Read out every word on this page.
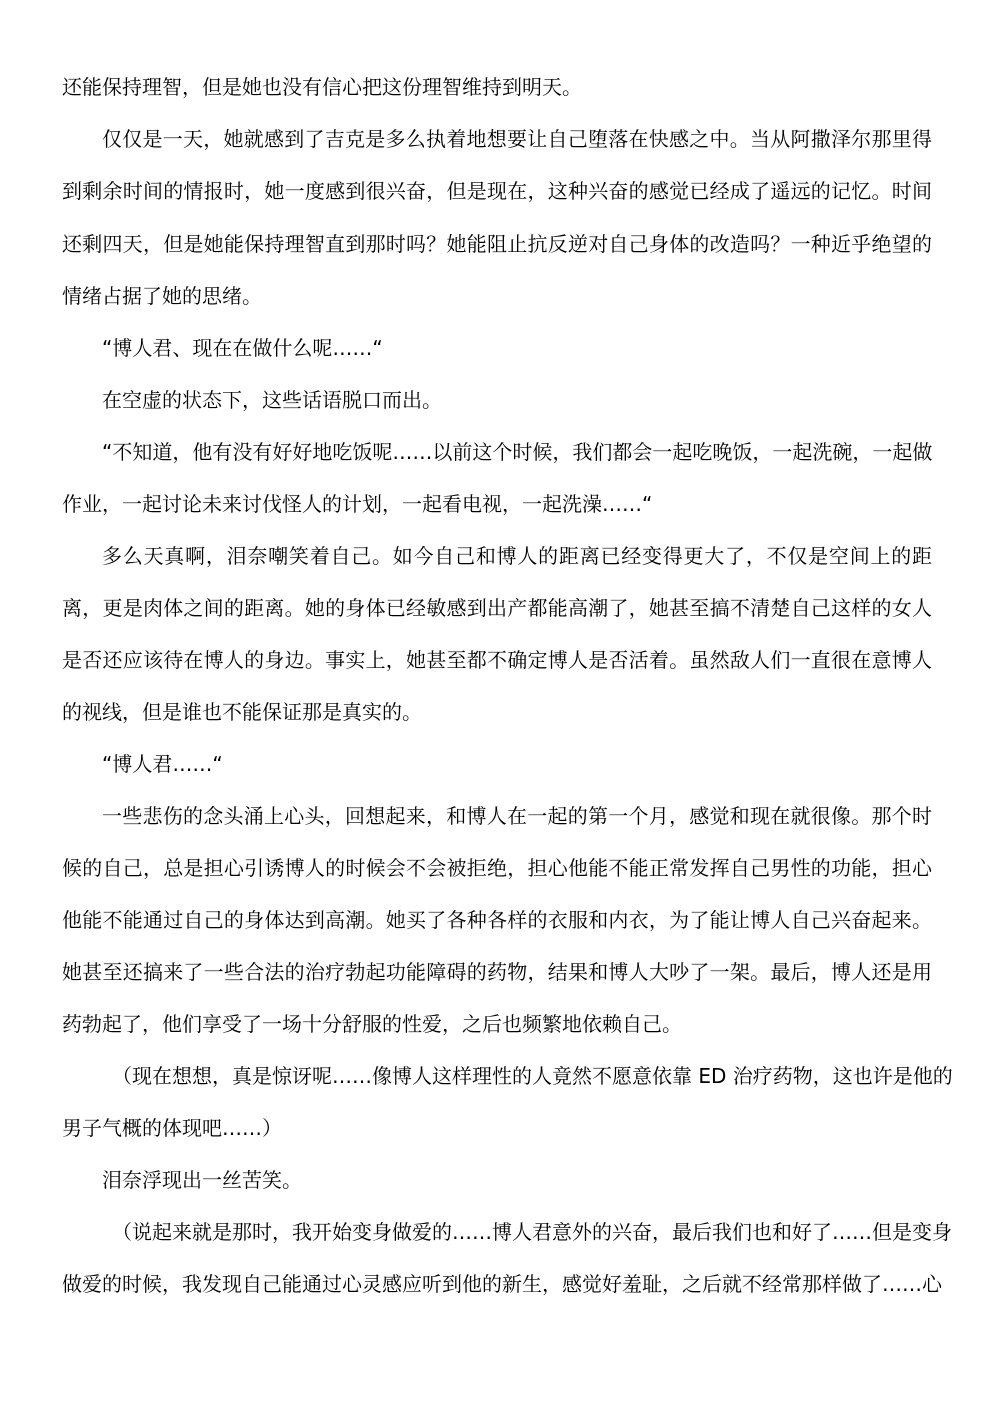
还能保持理智，但是她也没有信心把这份理智维持到明天。
仅仅是一天，她就感到了吉克是多么执着地想要让自己堕落在快感之中。当从阿撒泽尔那里得
到剩余时间的情报时，她一度感到很兴奋，但是现在，这种兴奋的感觉已经成了遥远的记忆。时间
还剩四天，但是她能保持理智直到那时吗？她能阻止抗反逆对自己身体的改造吗？一种近乎绝望的
情绪占据了她的思绪。
“博人君、现在在做什么呢……“
在空虚的状态下，这些话语脱口而出。
“不知道，他有没有好好地吃饭呢……以前这个时候，我们都会一起吃晚饭，一起洗碗，一起做
作业，一起讨论未来讨伐怪人的计划，一起看电视，一起洗澡……“
多么天真啊，泪奈嘲笑着自己。如今自己和博人的距离已经变得更大了，不仅是空间上的距
离，更是肉体之间的距离。她的身体已经敏感到出产都能高潮了，她甚至搞不清楚自己这样的女人
是否还应该待在博人的身边。事实上，她甚至都不确定博人是否活着。虽然敌人们一直很在意博人
的视线，但是谁也不能保证那是真实的。
“博人君……“
一些悲伤的念头涌上心头，回想起来，和博人在一起的第一个月，感觉和现在就很像。那个时
候的自己，总是担心引诱博人的时候会不会被拒绝，担心他能不能正常发挥自己男性的功能，担心
他能不能通过自己的身体达到高潮。她买了各种各样的衣服和内衣，为了能让博人自己兴奋起来。
她甚至还搞来了一些合法的治疗勃起功能障碍的药物，结果和博人大吵了一架。最后，博人还是用
药勃起了，他们享受了一场十分舒服的性爱，之后也频繁地依赖自己。
（现在想想，真是惊讶呢……像博人这样理性的人竟然不愿意依靠 ED 治疗药物，这也许是他的
男子气概的体现吧……）
泪奈浮现出一丝苦笑。
（说起来就是那时，我开始变身做爱的……博人君意外的兴奋，最后我们也和好了……但是变身
做爱的时候，我发现自己能通过心灵感应听到他的新生，感觉好羞耻，之后就不经常那样做了……心
